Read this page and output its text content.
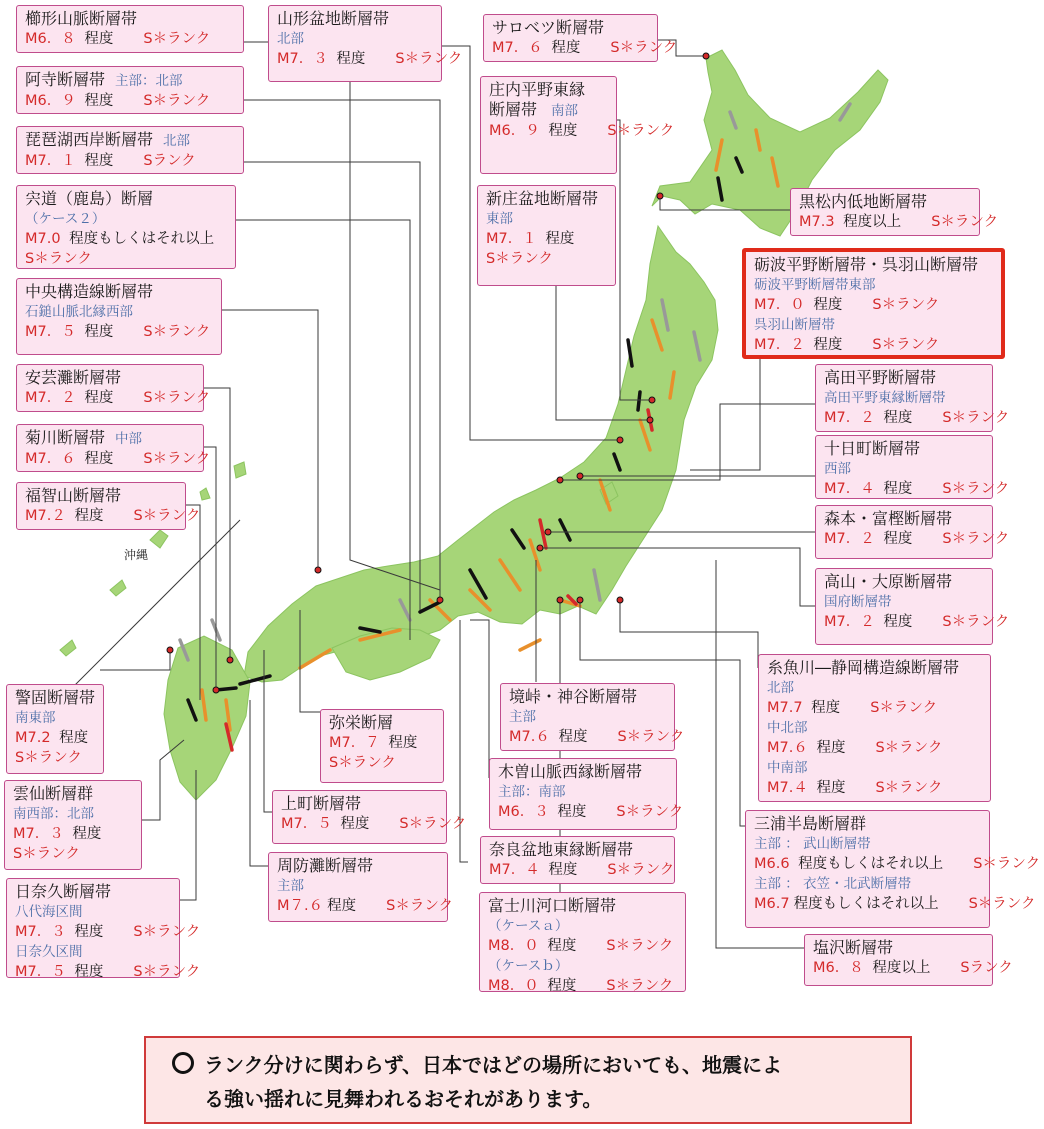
沖縄
櫛形山脈断層帯
M6．８ 程度 S＊ランク
山形盆地断層帯
北部
M7．３ 程度 S＊ランク
サロベツ断層帯
M7．６ 程度 S＊ランク
阿寺断層帯 主部：北部
M6．９ 程度 S＊ランク
庄内平野東縁
断層帯 南部
M6．９ 程度 S＊ランク
琵琶湖西岸断層帯 北部
M7．１ 程度 Sランク
宍道（鹿島）断層
（ケース２）
M7.0 程度もしくはそれ以上
S＊ランク
新庄盆地断層帯
東部
M7．１ 程度
S＊ランク
黒松内低地断層帯
M7.3 程度以上 S＊ランク
砺波平野断層帯・呉羽山断層帯
砺波平野断層帯東部
M7．０ 程度 S＊ランク
呉羽山断層帯
M7．２ 程度 S＊ランク
中央構造線断層帯
石鎚山脈北縁西部
M7．５ 程度 S＊ランク
安芸灘断層帯
M7．２ 程度 S＊ランク
高田平野断層帯
高田平野東縁断層帯
M7．２ 程度 S＊ランク
菊川断層帯 中部
M7．６ 程度 S＊ランク
十日町断層帯
西部
M7．４ 程度 S＊ランク
福智山断層帯
M7.２ 程度 S＊ランク	森本・富樫断層帯
M7．２ 程度 S＊ランク
高山・大原断層帯
国府断層帯
M7．２ 程度 S＊ランク
糸魚川―静岡構造線断層帯
北部
M7.7 程度 S＊ランク
中北部
M7.６ 程度 S＊ランク
中南部
M7.４ 程度 S＊ランク
警固断層帯
南東部
M7.2 程度
S＊ランク
境峠・神谷断層帯
主部
M7.６ 程度 S＊ランク
弥栄断層
M7．７ 程度
S＊ランク	木曽山脈西縁断層帯
主部：南部
M6．３ 程度 S＊ランク
雲仙断層群
南西部：北部
M7．３ 程度
S＊ランク
上町断層帯
M7．５ 程度 S＊ランク	三浦半島断層群
主部 ： 武山断層帯
M6.6 程度もしくはそれ以上 S＊ランク
主部 ： 衣笠・北武断層帯
M6.7 程度もしくはそれ以上 S＊ランク
奈良盆地東縁断層帯
M7．４ 程度 S＊ランク
周防灘断層帯
主部
M７.６ 程度 S＊ランク
日奈久断層帯
八代海区間
M7．３ 程度 S＊ランク
日奈久区間
M7．５ 程度 S＊ランク
富士川河口断層帯
（ケースａ）
M8．０ 程度 S＊ランク
（ケースｂ）
M8．０ 程度 S＊ランク
塩沢断層帯
M6．８ 程度以上 Sランク
ランク分けに関わらず、日本ではどの場所においても、地震によ
る強い揺れに見舞われるおそれがあります。
